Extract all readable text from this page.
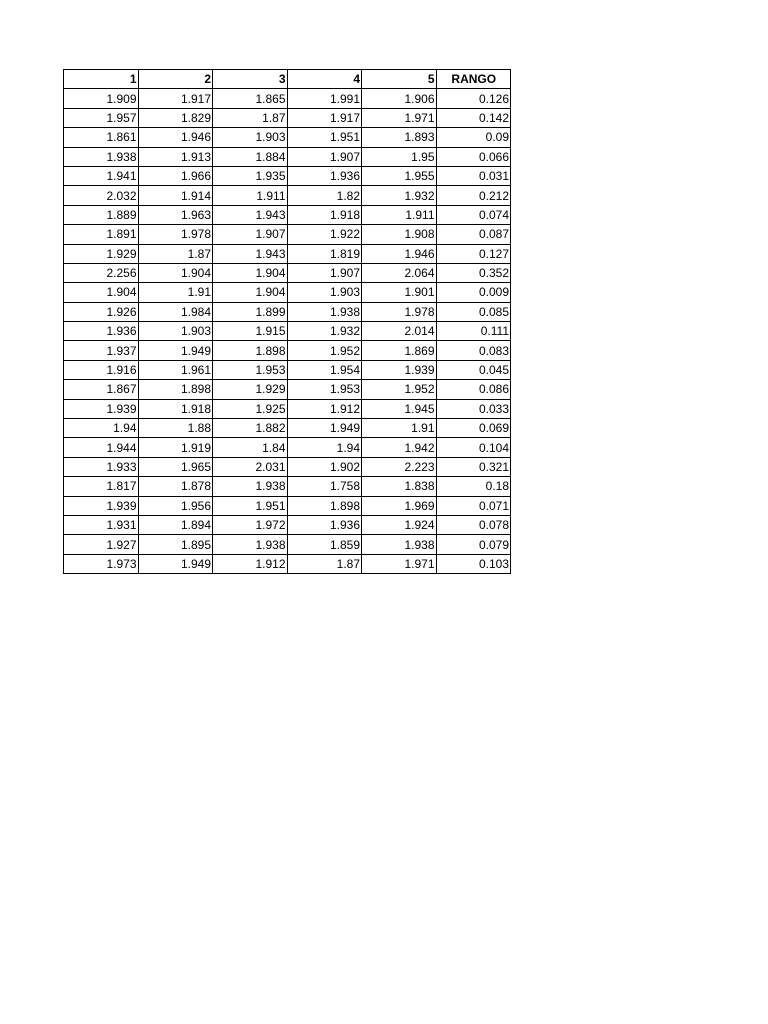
1	2	3	4	5	RANGO
1.909	1.917	1.865	1.991	1.906	0.126
1.957	1.829	1.87	1.917	1.971	0.142
1.861	1.946	1.903	1.951	1.893	0.09
1.938	1.913	1.884	1.907	1.95	0.066
1.941	1.966	1.935	1.936	1.955	0.031
2.032	1.914	1.911	1.82	1.932	0.212
1.889	1.963	1.943	1.918	1.911	0.074
1.891	1.978	1.907	1.922	1.908	0.087
1.929	1.87	1.943	1.819	1.946	0.127
2.256	1.904	1.904	1.907	2.064	0.352
1.904	1.91	1.904	1.903	1.901	0.009
1.926	1.984	1.899	1.938	1.978	0.085
1.936	1.903	1.915	1.932	2.014	0.111
1.937	1.949	1.898	1.952	1.869	0.083
1.916	1.961	1.953	1.954	1.939	0.045
1.867	1.898	1.929	1.953	1.952	0.086
1.939	1.918	1.925	1.912	1.945	0.033
1.94	1.88	1.882	1.949	1.91	0.069
1.944	1.919	1.84	1.94	1.942	0.104
1.933	1.965	2.031	1.902	2.223	0.321
1.817	1.878	1.938	1.758	1.838	0.18
1.939	1.956	1.951	1.898	1.969	0.071
1.931	1.894	1.972	1.936	1.924	0.078
1.927	1.895	1.938	1.859	1.938	0.079
1.973	1.949	1.912	1.87	1.971	0.103
